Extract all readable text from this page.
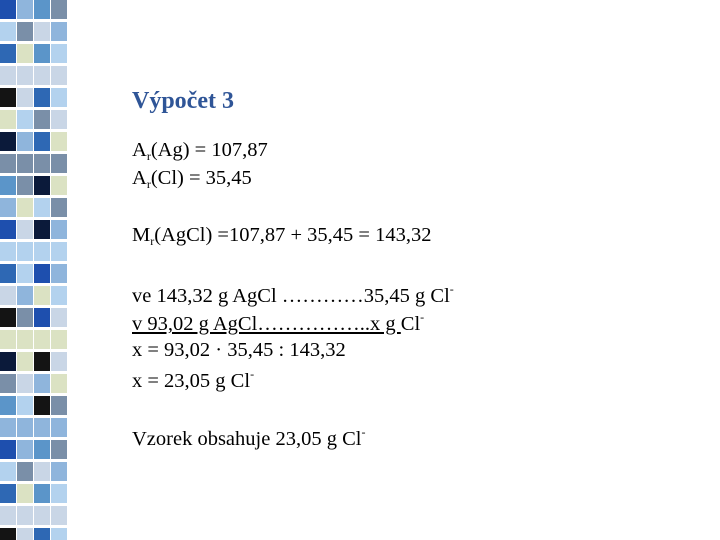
Výpočet 3
$A_r(Ag) = 107,87$
$A_r(Cl) = 35,45$
$M_r(AgCl) =107,87 + 35,45 = 143,32$
ve 143,32 g AgCl …………35,45 g Cl-
v 93,02 g AgCl……………..x g Cl-
x = 93,02 · 35,45 : 143,32
x = 23,05 g Cl-
Vzorek obsahuje 23,05 g Cl-
